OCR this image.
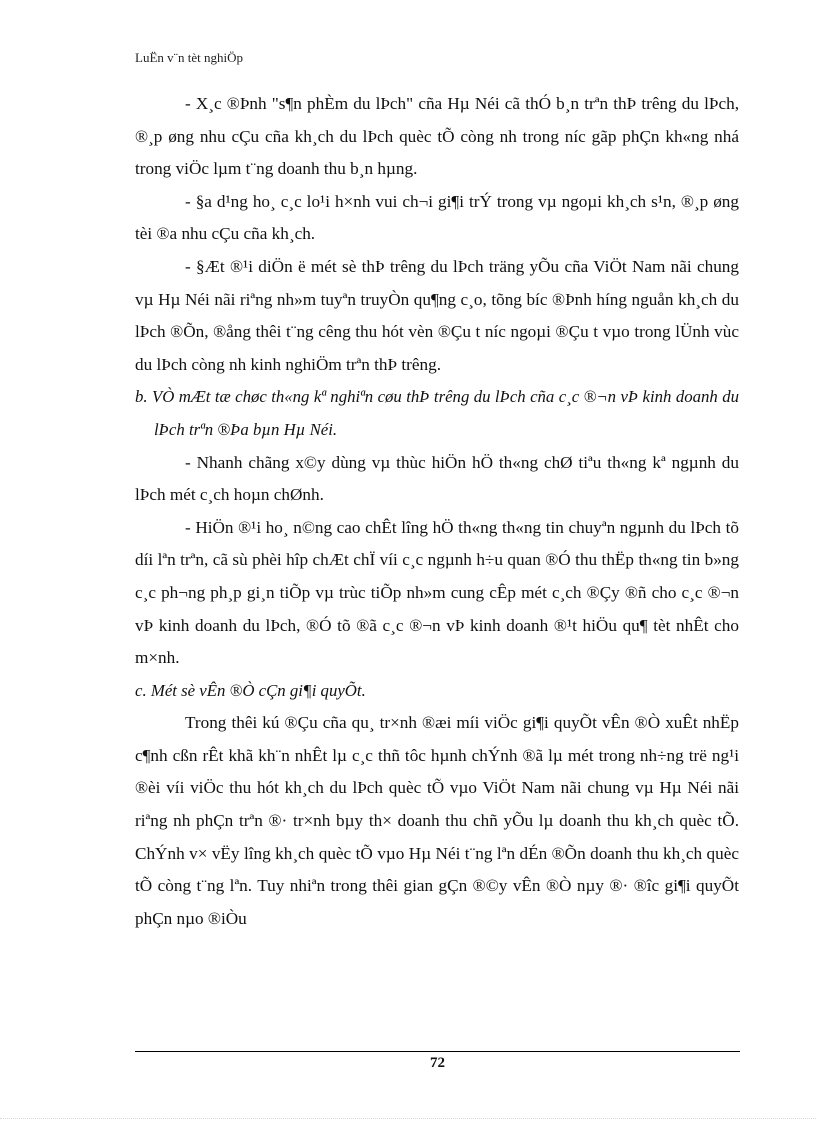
LuËn v¨n tèt nghiÖp

- X¸c ®Þnh "s¶n phÈm du lÞch" cña Hµ Néi cã thÓ b¸n trªn thÞ trêng du lÞch, ®¸p øng nhu cÇu cña kh¸ch du lÞch quèc tÕ còng nh trong níc gãp phÇn kh«ng nhá trong viÖc lµm t¨ng doanh thu b¸n hµng.

- §a d¹ng ho¸ c¸c lo¹i h×nh vui ch¬i gi¶i trÝ trong vµ ngoµi kh¸ch s¹n, ®¸p øng tèi ®a nhu cÇu cña kh¸ch.

- §Æt ®¹i diÖn ë mét sè thÞ trêng du lÞch träng yÕu cña ViÖt Nam nãi chung vµ Hµ Néi nãi riªng nh»m tuyªn truyÒn qu¶ng c¸o, tõng bíc ®Þnh híng nguån kh¸ch du lÞch ®Õn, ®ång thêi t¨ng cêng thu hót vèn ®Çu t níc ngoµi ®Çu t vµo trong lÜnh vùc du lÞch còng nh kinh nghiÖm trªn thÞ trêng.

b. VÒ mÆt tæ chøc th«ng kª nghiªn cøu thÞ trêng du lÞch cña c¸c ®¬n vÞ kinh doanh du lÞch trªn ®Þa bµn Hµ Néi.

- Nhanh chãng x©y dùng vµ thùc hiÖn hÖ th«ng chØ tiªu th«ng kª ngµnh du lÞch mét c¸ch hoµn chØnh.

- HiÖn ®¹i ho¸ n©ng cao chÊt lîng hÖ th«ng th«ng tin chuyªn ngµnh du lÞch tõ díi lªn trªn, cã sù phèi hîp chÆt chÏ víi c¸c ngµnh h÷u quan ®Ó thu thËp th«ng tin b»ng c¸c ph¬ng ph¸p gi¸n tiÕp vµ trùc tiÕp nh»m cung cÊp mét c¸ch ®Çy ®ñ cho c¸c ®¬n vÞ kinh doanh du lÞch, ®Ó tõ ®ã c¸c ®¬n vÞ kinh doanh ®¹t hiÖu qu¶ tèt nhÊt cho m×nh.

c. Mét sè vÊn ®Ò cÇn gi¶i quyÕt.

Trong thêi kú ®Çu cña qu¸ tr×nh ®æi míi viÖc gi¶i quyÕt vÊn ®Ò xuÊt nhËp c¶nh cßn rÊt khã kh¨n nhÊt lµ c¸c thñ tôc hµnh chÝnh ®ã lµ mét trong nh÷ng trë ng¹i ®èi víi viÖc thu hót kh¸ch du lÞch quèc tÕ vµo ViÖt Nam nãi chung vµ Hµ Néi nãi riªng nh phÇn trªn ®· tr×nh bµy th× doanh thu chñ yÕu lµ doanh thu kh¸ch quèc tÕ. ChÝnh v× vËy lîng kh¸ch quèc tÕ vµo Hµ Néi t¨ng lªn dÉn ®Õn doanh thu kh¸ch quèc tÕ còng t¨ng lªn. Tuy nhiªn trong thêi gian gÇn ®©y vÊn ®Ò nµy ®· ®îc gi¶i quyÕt phÇn nµo ®iÒu

72
